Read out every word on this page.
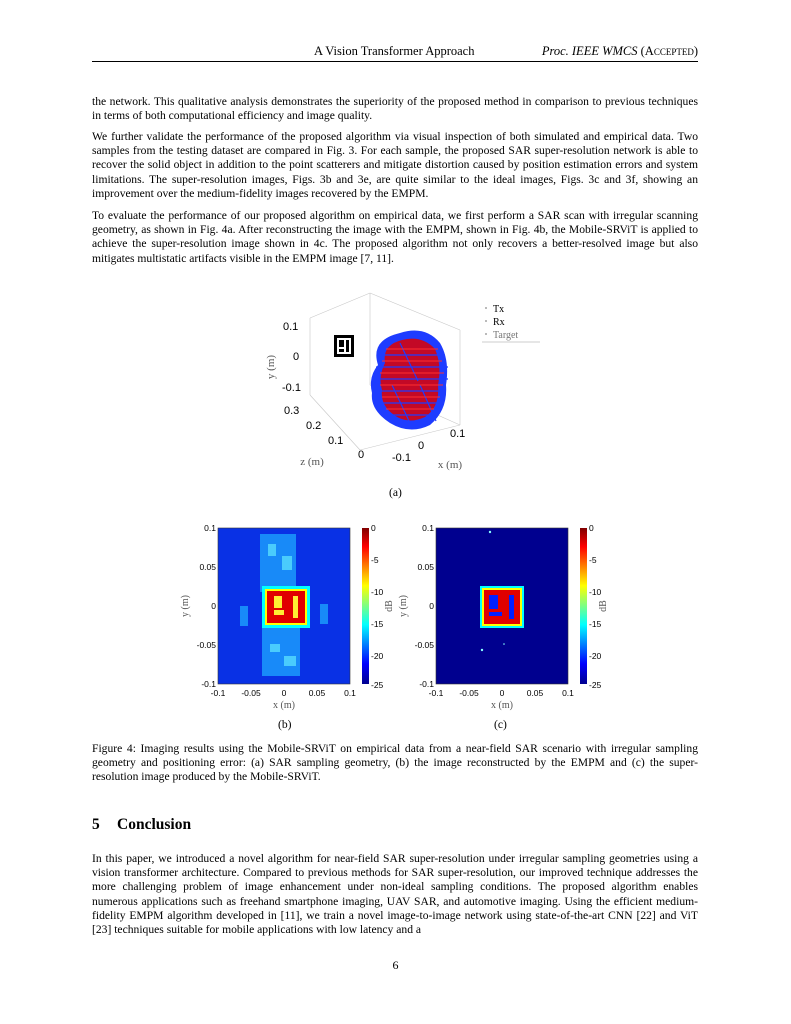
A Vision Transformer Approach	Proc. IEEE WMCS (Accepted)

the network. This qualitative analysis demonstrates the superiority of the proposed method in comparison to previous techniques in terms of both computational efficiency and image quality.

We further validate the performance of the proposed algorithm via visual inspection of both simulated and empirical data. Two samples from the testing dataset are compared in Fig. 3. For each sample, the proposed SAR super-resolution network is able to recover the solid object in addition to the point scatterers and mitigate distortion caused by position estimation errors and system limitations. The super-resolution images, Figs. 3b and 3e, are quite similar to the ideal images, Figs. 3c and 3f, showing an improvement over the medium-fidelity images recovered by the EMPM.

To evaluate the performance of our proposed algorithm on empirical data, we first perform a SAR scan with irregular scanning geometry, as shown in Fig. 4a. After reconstructing the image with the EMPM, shown in Fig. 4b, the Mobile-SRViT is applied to achieve the super-resolution image shown in 4c. The proposed algorithm not only recovers a better-resolved image but also mitigates multistatic artifacts visible in the EMPM image [7, 11].

Tx
Rx
Target
0.1
0
-0.1
0.3
0.2
0.1
0
0.1
0
-0.1
y (m)
z (m)	x (m)
(a)
0.1
0.05
0
-0.05
-0.1
-0.1 -0.05 0	0.05 0.1
0
-5
-10
-15
-20
-25
y (m)
x (m)
dB
0.1
0.05
0
-0.05
-0.1
-0.1 -0.05 0	0.05 0.1
0
-5
-10
-15
-20
-25
y (m)
x (m)
dB
(b)	(c)

Figure 4: Imaging results using the Mobile-SRViT on empirical data from a near-field SAR scenario with irregular sampling geometry and positioning error: (a) SAR sampling geometry, (b) the image reconstructed by the EMPM and (c) the super-resolution image produced by the Mobile-SRViT.

5 Conclusion

In this paper, we introduced a novel algorithm for near-field SAR super-resolution under irregular sampling geometries using a vision transformer architecture. Compared to previous methods for SAR super-resolution, our improved technique addresses the more challenging problem of image enhancement under non-ideal sampling conditions. The proposed algorithm enables numerous applications such as freehand smartphone imaging, UAV SAR, and automotive imaging. Using the efficient medium-fidelity EMPM algorithm developed in [11], we train a novel image-to-image network using state-of-the-art CNN [22] and ViT [23] techniques suitable for mobile applications with low latency and a

6
